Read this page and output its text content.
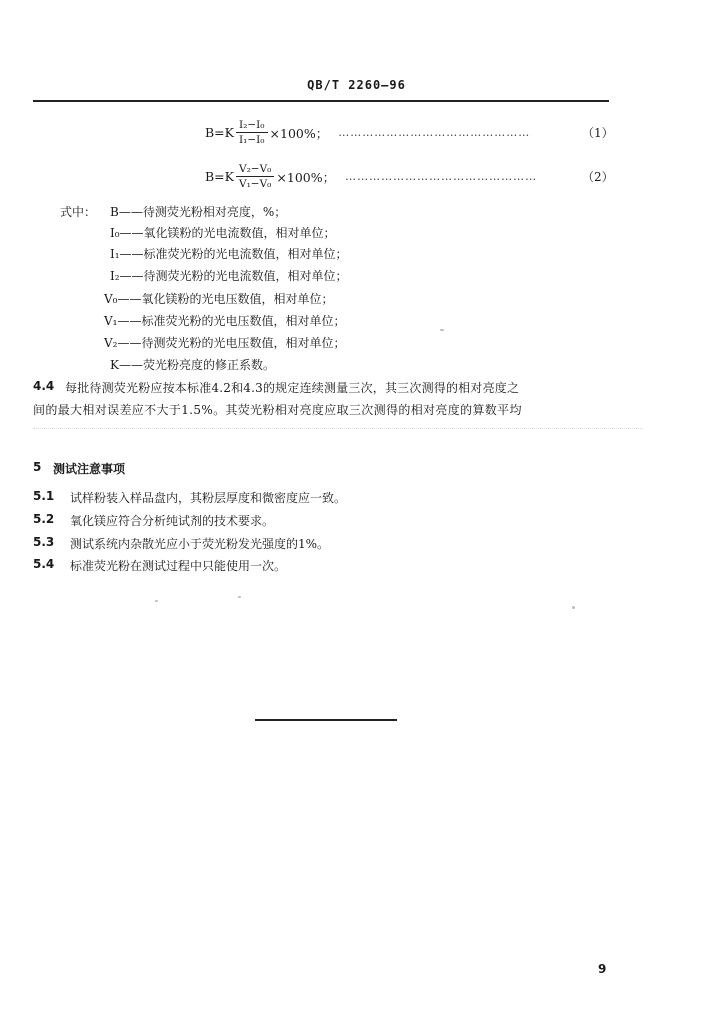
QB/T 2260—96
$B=K \frac{\text{I₂−I₀}}{\text{I₁−I₀}} \times 100\%$； …………………………………………	（1）
$B=K \frac{\text{V₂−V₀}}{\text{V₁−V₀}} \times 100\%$； …………………………………………	（2）
式中： B——待测荧光粉相对亮度，%；
I₀——氧化镁粉的光电流数值，相对单位；
I₁——标准荧光粉的光电流数值，相对单位；
I₂——待测荧光粉的光电流数值，相对单位；
V₀——氧化镁粉的光电压数值，相对单位；
V₁——标准荧光粉的光电压数值，相对单位；
V₂——待测荧光粉的光电压数值，相对单位；
K——荧光粉亮度的修正系数。
4.4 每批待测荧光粉应按本标准4.2和4.3的规定连续测量三次，其三次测得的相对亮度之
间的最大相对误差应不大于1.5%。其荧光粉相对亮度应取三次测得的相对亮度的算数平均
5 测试注意事项
5.1 试样粉装入样品盘内，其粉层厚度和微密度应一致。
5.2 氧化镁应符合分析纯试剂的技术要求。
5.3 测试系统内杂散光应小于荧光粉发光强度的1%。
5.4 标准荧光粉在测试过程中只能使用一次。
9
